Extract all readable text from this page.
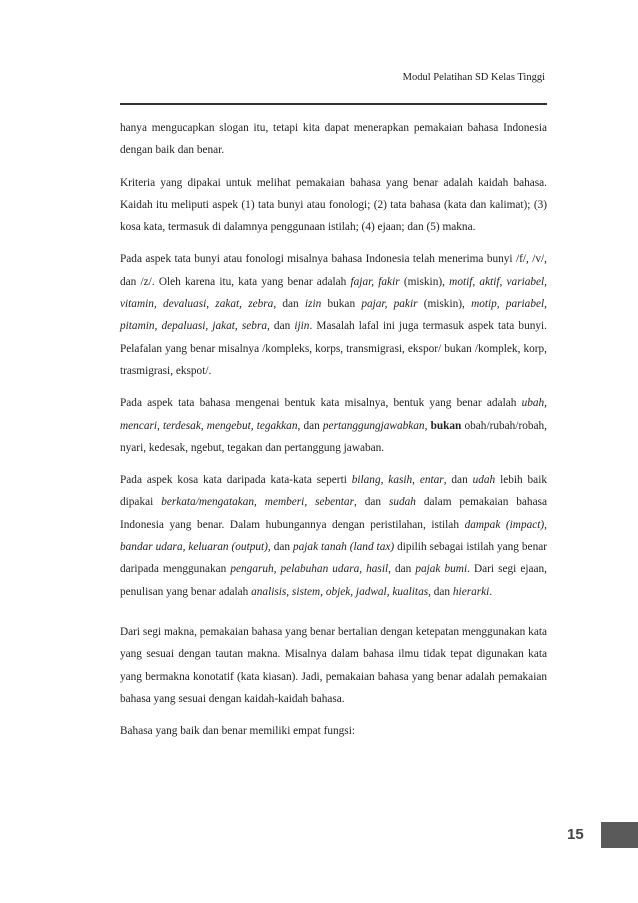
Modul Pelatihan SD Kelas Tinggi

hanya mengucapkan slogan itu, tetapi kita dapat menerapkan pemakaian bahasa Indonesia dengan baik dan benar.

Kriteria yang dipakai untuk melihat pemakaian bahasa yang benar adalah kaidah bahasa. Kaidah itu meliputi aspek (1) tata bunyi atau fonologi; (2) tata bahasa (kata dan kalimat); (3) kosa kata, termasuk di dalamnya penggunaan istilah; (4) ejaan; dan (5) makna.

Pada aspek tata bunyi atau fonologi misalnya bahasa Indonesia telah menerima bunyi /f/, /v/, dan /z/. Oleh karena itu, kata yang benar adalah fajar, fakir (miskin), motif, aktif, variabel, vitamin, devaluasi, zakat, zebra, dan izin bukan pajar, pakir (miskin), motip, pariabel, pitamin, depaluasi, jakat, sebra, dan ijin. Masalah lafal ini juga termasuk aspek tata bunyi. Pelafalan yang benar misalnya /kompleks, korps, transmigrasi, ekspor/ bukan /komplek, korp, trasmigrasi, ekspot/.

Pada aspek tata bahasa mengenai bentuk kata misalnya, bentuk yang benar adalah ubah, mencari, terdesak, mengebut, tegakkan, dan pertanggungjawabkan, bukan obah/rubah/robah, nyari, kedesak, ngebut, tegakan dan pertanggung jawaban.

Pada aspek kosa kata daripada kata-kata seperti bilang, kasih, entar, dan udah lebih baik dipakai berkata/mengatakan, memberi, sebentar, dan sudah dalam pemakaian bahasa Indonesia yang benar. Dalam hubungannya dengan peristilahan, istilah dampak (impact), bandar udara, keluaran (output), dan pajak tanah (land tax) dipilih sebagai istilah yang benar daripada menggunakan pengaruh, pelabuhan udara, hasil, dan pajak bumi. Dari segi ejaan, penulisan yang benar adalah analisis, sistem, objek, jadwal, kualitas, dan hierarki.

Dari segi makna, pemakaian bahasa yang benar bertalian dengan ketepatan menggunakan kata yang sesuai dengan tautan makna. Misalnya dalam bahasa ilmu tidak tepat digunakan kata yang bermakna konotatif (kata kiasan). Jadi, pemakaian bahasa yang benar adalah pemakaian bahasa yang sesuai dengan kaidah-kaidah bahasa.

Bahasa yang baik dan benar memiliki empat fungsi:

15
